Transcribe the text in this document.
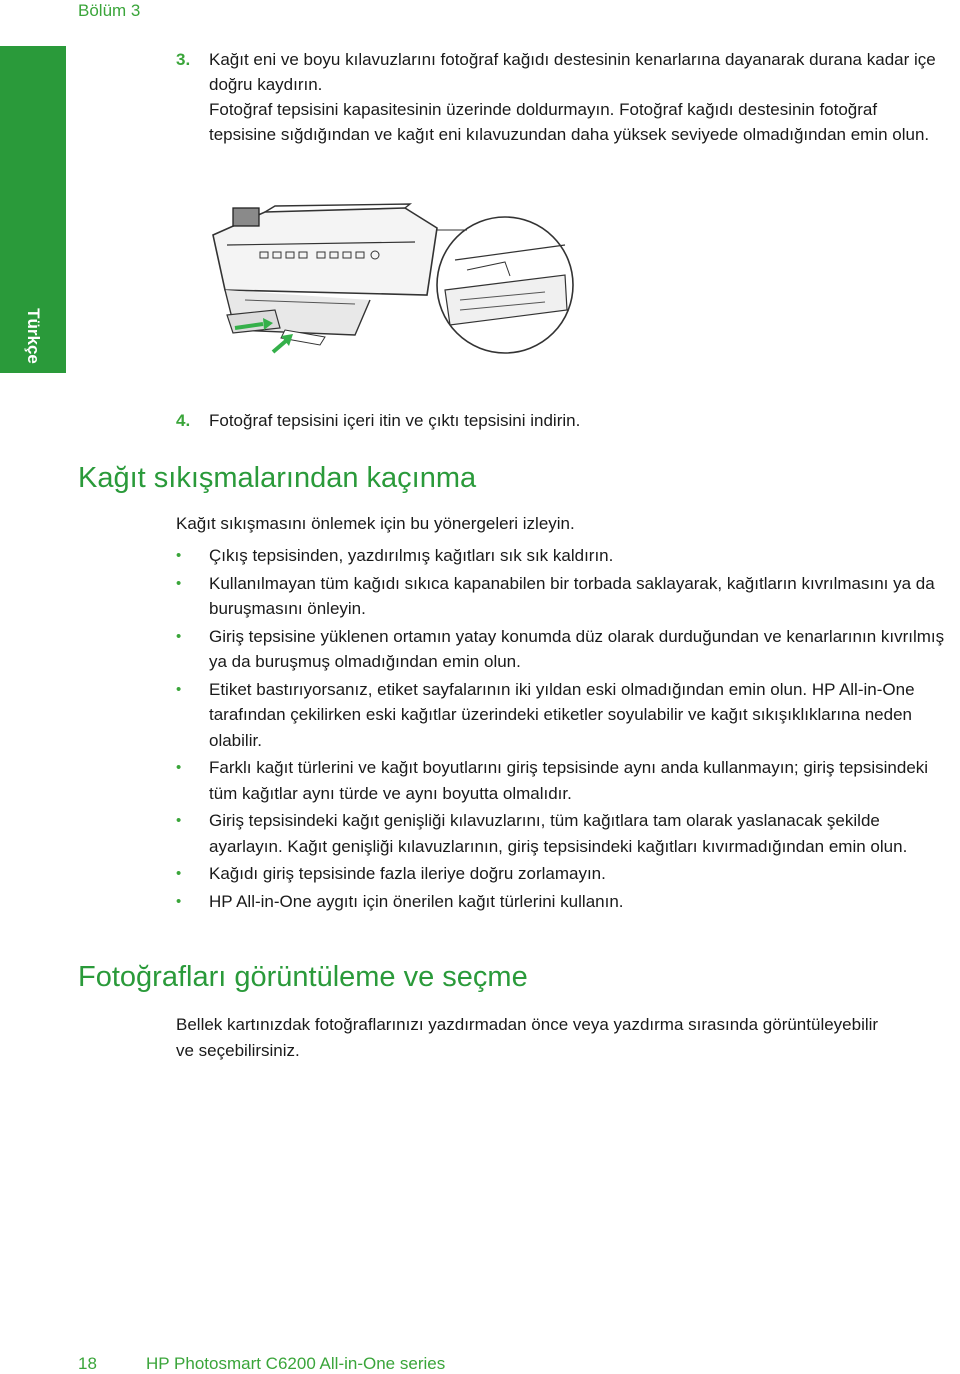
Bölüm 3
Türkçe
3. Kağıt eni ve boyu kılavuzlarını fotoğraf kağıdı destesinin kenarlarına dayanarak durana kadar içe doğru kaydırın.
Fotoğraf tepsisini kapasitesinin üzerinde doldurmayın. Fotoğraf kağıdı destesinin fotoğraf tepsisine sığdığından ve kağıt eni kılavuzundan daha yüksek seviyede olmadığından emin olun.
4. Fotoğraf tepsisini içeri itin ve çıktı tepsisini indirin.
Kağıt sıkışmalarından kaçınma
Kağıt sıkışmasını önlemek için bu yönergeleri izleyin.
• Çıkış tepsisinden, yazdırılmış kağıtları sık sık kaldırın.
• Kullanılmayan tüm kağıdı sıkıca kapanabilen bir torbada saklayarak, kağıtların kıvrılmasını ya da buruşmasını önleyin.
• Giriş tepsisine yüklenen ortamın yatay konumda düz olarak durduğundan ve kenarlarının kıvrılmış ya da buruşmuş olmadığından emin olun.
• Etiket bastırıyorsanız, etiket sayfalarının iki yıldan eski olmadığından emin olun. HP All-in-One tarafından çekilirken eski kağıtlar üzerindeki etiketler soyulabilir ve kağıt sıkışıklıklarına neden olabilir.
• Farklı kağıt türlerini ve kağıt boyutlarını giriş tepsisinde aynı anda kullanmayın; giriş tepsisindeki tüm kağıtlar aynı türde ve aynı boyutta olmalıdır.
• Giriş tepsisindeki kağıt genişliği kılavuzlarını, tüm kağıtlara tam olarak yaslanacak şekilde ayarlayın. Kağıt genişliği kılavuzlarının, giriş tepsisindeki kağıtları kıvırmadığından emin olun.
• Kağıdı giriş tepsisinde fazla ileriye doğru zorlamayın.
• HP All-in-One aygıtı için önerilen kağıt türlerini kullanın.
Fotoğrafları görüntüleme ve seçme
Bellek kartınızdak fotoğraflarınızı yazdırmadan önce veya yazdırma sırasında görüntüleyebilir ve seçebilirsiniz.
18	HP Photosmart C6200 All-in-One series
